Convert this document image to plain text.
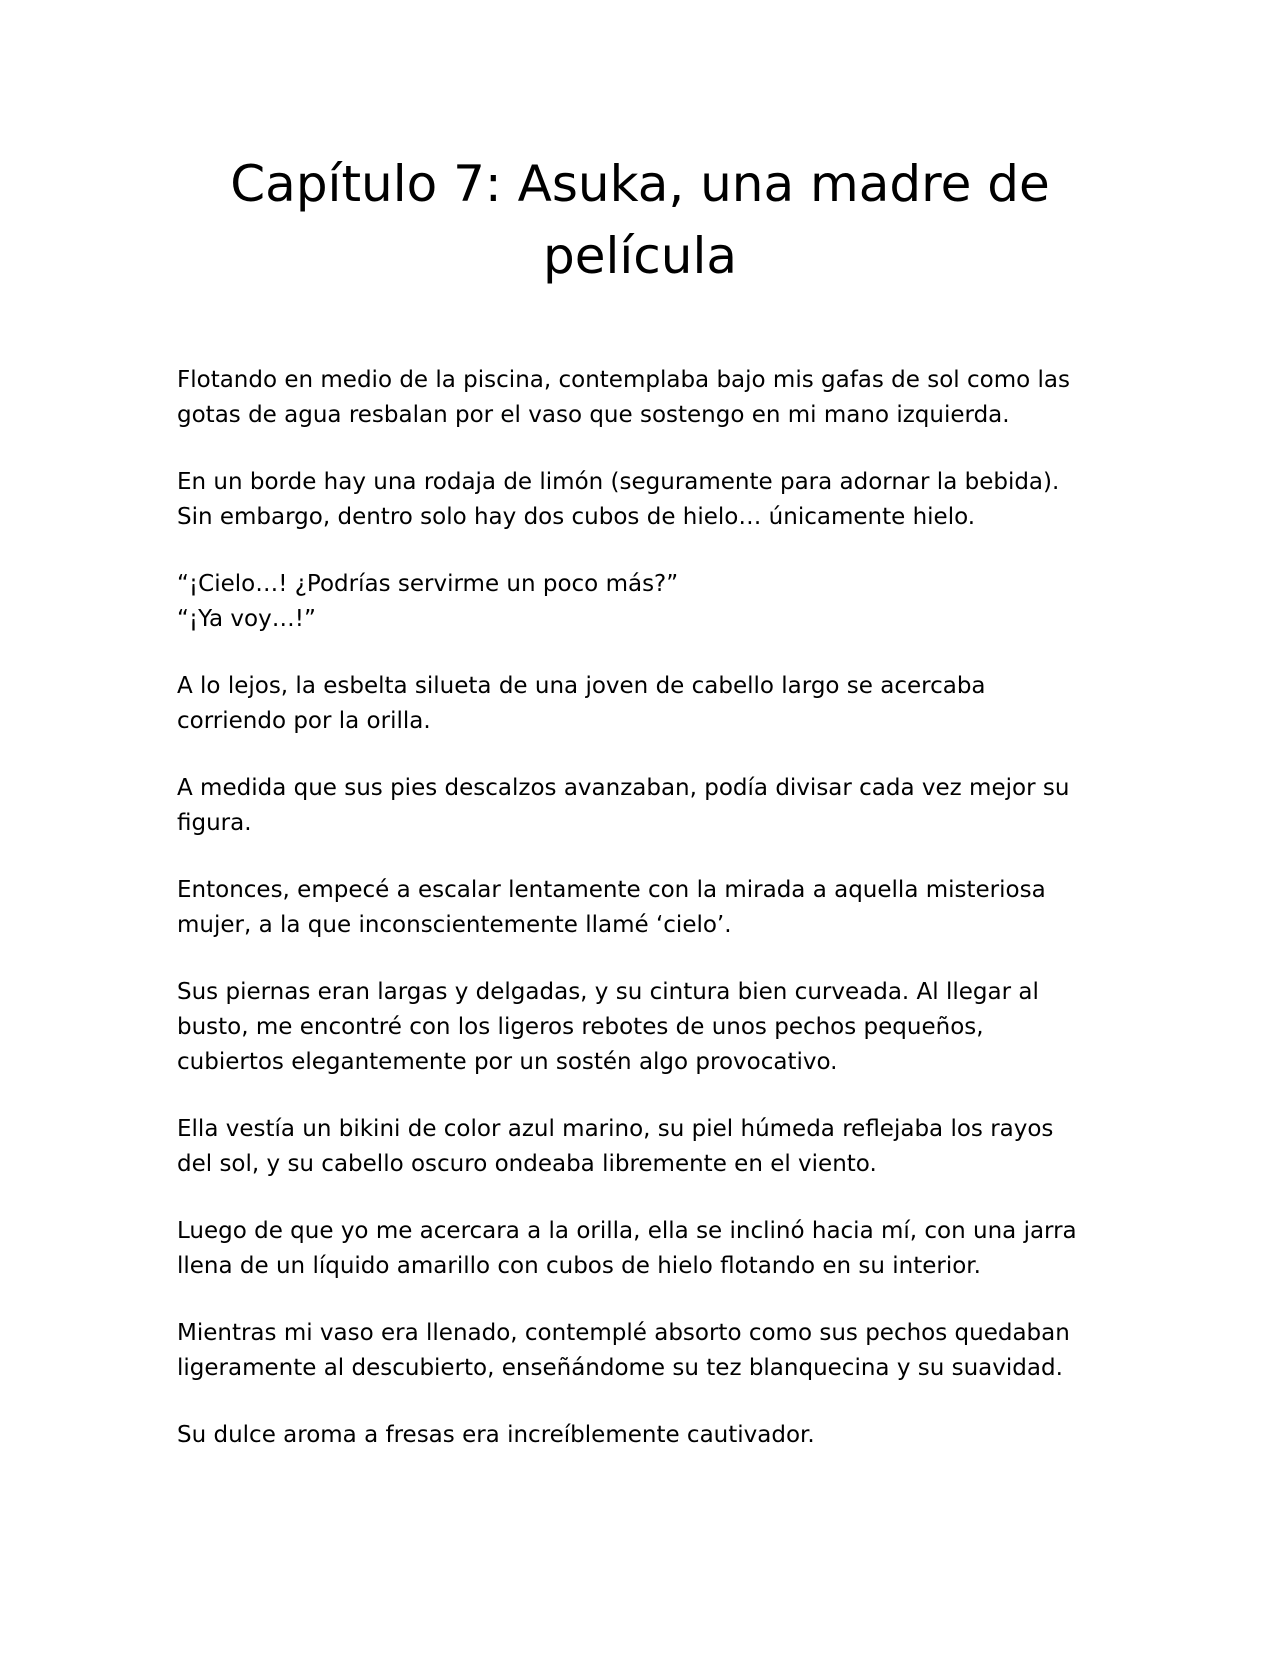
Capítulo 7: Asuka, una madre de
película

Flotando en medio de la piscina, contemplaba bajo mis gafas de sol como las
gotas de agua resbalan por el vaso que sostengo en mi mano izquierda.

En un borde hay una rodaja de limón (seguramente para adornar la bebida).
Sin embargo, dentro solo hay dos cubos de hielo… únicamente hielo.

“¡Cielo…! ¿Podrías servirme un poco más?”
“¡Ya voy…!”

A lo lejos, la esbelta silueta de una joven de cabello largo se acercaba
corriendo por la orilla.

A medida que sus pies descalzos avanzaban, podía divisar cada vez mejor su
figura.

Entonces, empecé a escalar lentamente con la mirada a aquella misteriosa
mujer, a la que inconscientemente llamé ‘cielo’.

Sus piernas eran largas y delgadas, y su cintura bien curveada. Al llegar al
busto, me encontré con los ligeros rebotes de unos pechos pequeños,
cubiertos elegantemente por un sostén algo provocativo.

Ella vestía un bikini de color azul marino, su piel húmeda reflejaba los rayos
del sol, y su cabello oscuro ondeaba libremente en el viento.

Luego de que yo me acercara a la orilla, ella se inclinó hacia mí, con una jarra
llena de un líquido amarillo con cubos de hielo flotando en su interior.

Mientras mi vaso era llenado, contemplé absorto como sus pechos quedaban
ligeramente al descubierto, enseñándome su tez blanquecina y su suavidad.

Su dulce aroma a fresas era increíblemente cautivador.
